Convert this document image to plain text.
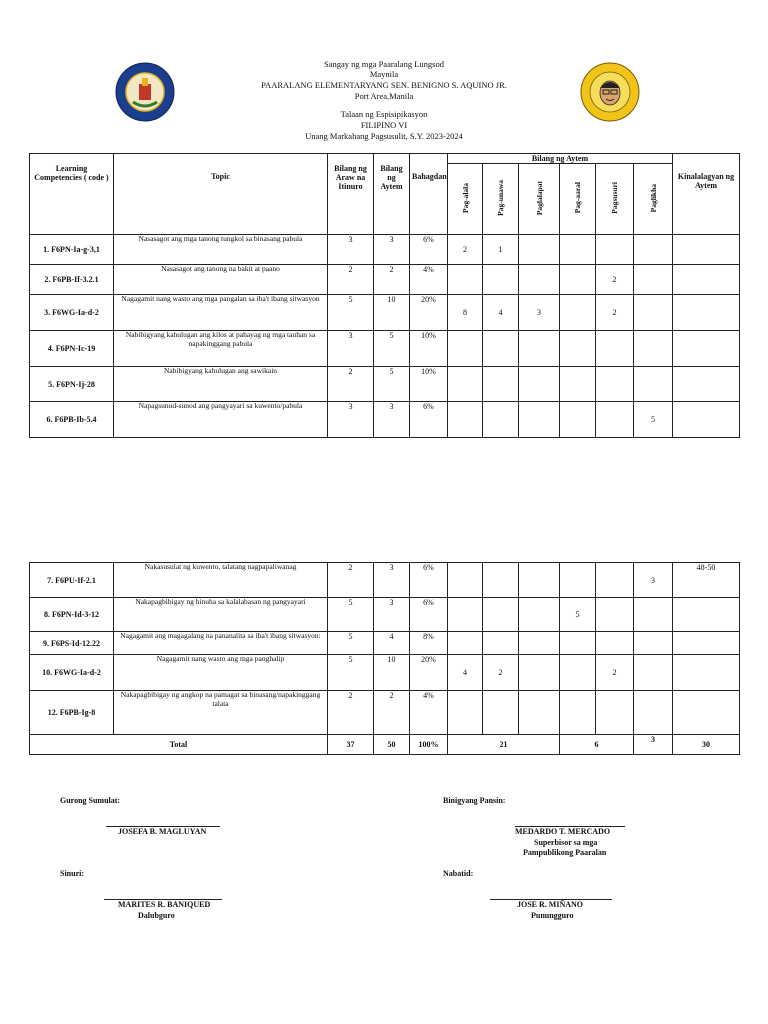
Sangay ng mga Paaralang Lungsod
Maynila
PAARALANG ELEMENTARYANG SEN. BENIGNO S. AQUINO JR.
Port Area,Manila
Talaan ng Espisipikasyon
FILIPINO VI
Unang Markahang Pagsusulit, S.Y. 2023-2024
Learning Competencies ( code )	Topic	Bilang ng Araw na Itinuro	Bilang ng Aytem	Bahagdan	Bilang ng Aytem						Kinalalagyan ng Aytem
					Pag-alala	Pag-unawa	Paglalapat	Pag-aaral	Pagsusuri	Paglikha	
1. F6PN-Ia-g-3,1	Nasasagot ang mga tanong tungkol sa binasang pabula	3	3	6%	2	1					
2. F6PB-If-3.2.1	Nasasagot ang tanong na bakit at paano	2	2	4%					2		
3. F6WG-Ia-d-2	Nagagamit nang wasto ang mga pangalan sa iba't ibang sitwasyon	5	10	20%	8	4	3		2		
4. F6PN-Ic-19	Nabibigyang kahulugan ang kilos at pahayag ng mga tauhan sa napakinggang pabula	3	5	10%							
5. F6PN-Ij-28	Nabibigyang kahulugan ang sawikain	2	5	10%							
6. F6PB-Ib-5.4	Napagsunud-sunod ang pangyayari sa kuwento/pabula	3	3	6%						5	
7. F6PU-If-2.1	Nakasusulat ng kuwento, talatang nagpapaliwanag	2	3	6%						3	48-50
8. F6PN-Id-3-12	Nakapagbibigay ng hinuha sa kalalabasan ng pangyayari	5	3	6%				5			
9. F6PS-Id-12.22	Nagagamit ang magagalang na pananalita sa iba't ibang sitwasyon:	5	4	8%							
10. F6WG-Ia-d-2	Nagagamit nang wasto ang mga panghalip	5	10	20%	4	2			2		
12. F6PB-Ig-8	Nakapagbibigay ng angkop na pamagat sa binasang/napakinggang talata	2	2	4%							
Total		37	50	100%	21			6		3	30
Gurong Sumulat:
JOSEFA B. MAGLUYAN
Binigyang Pansin:
MEDARDO T. MERCADO
Superbisor sa mga
Pampublikong Paaralan
Sinuri:
MARITES R. BANIQUED
Dalubguro
Nabatid:
JOSE R. MIÑANO
Punungguro
